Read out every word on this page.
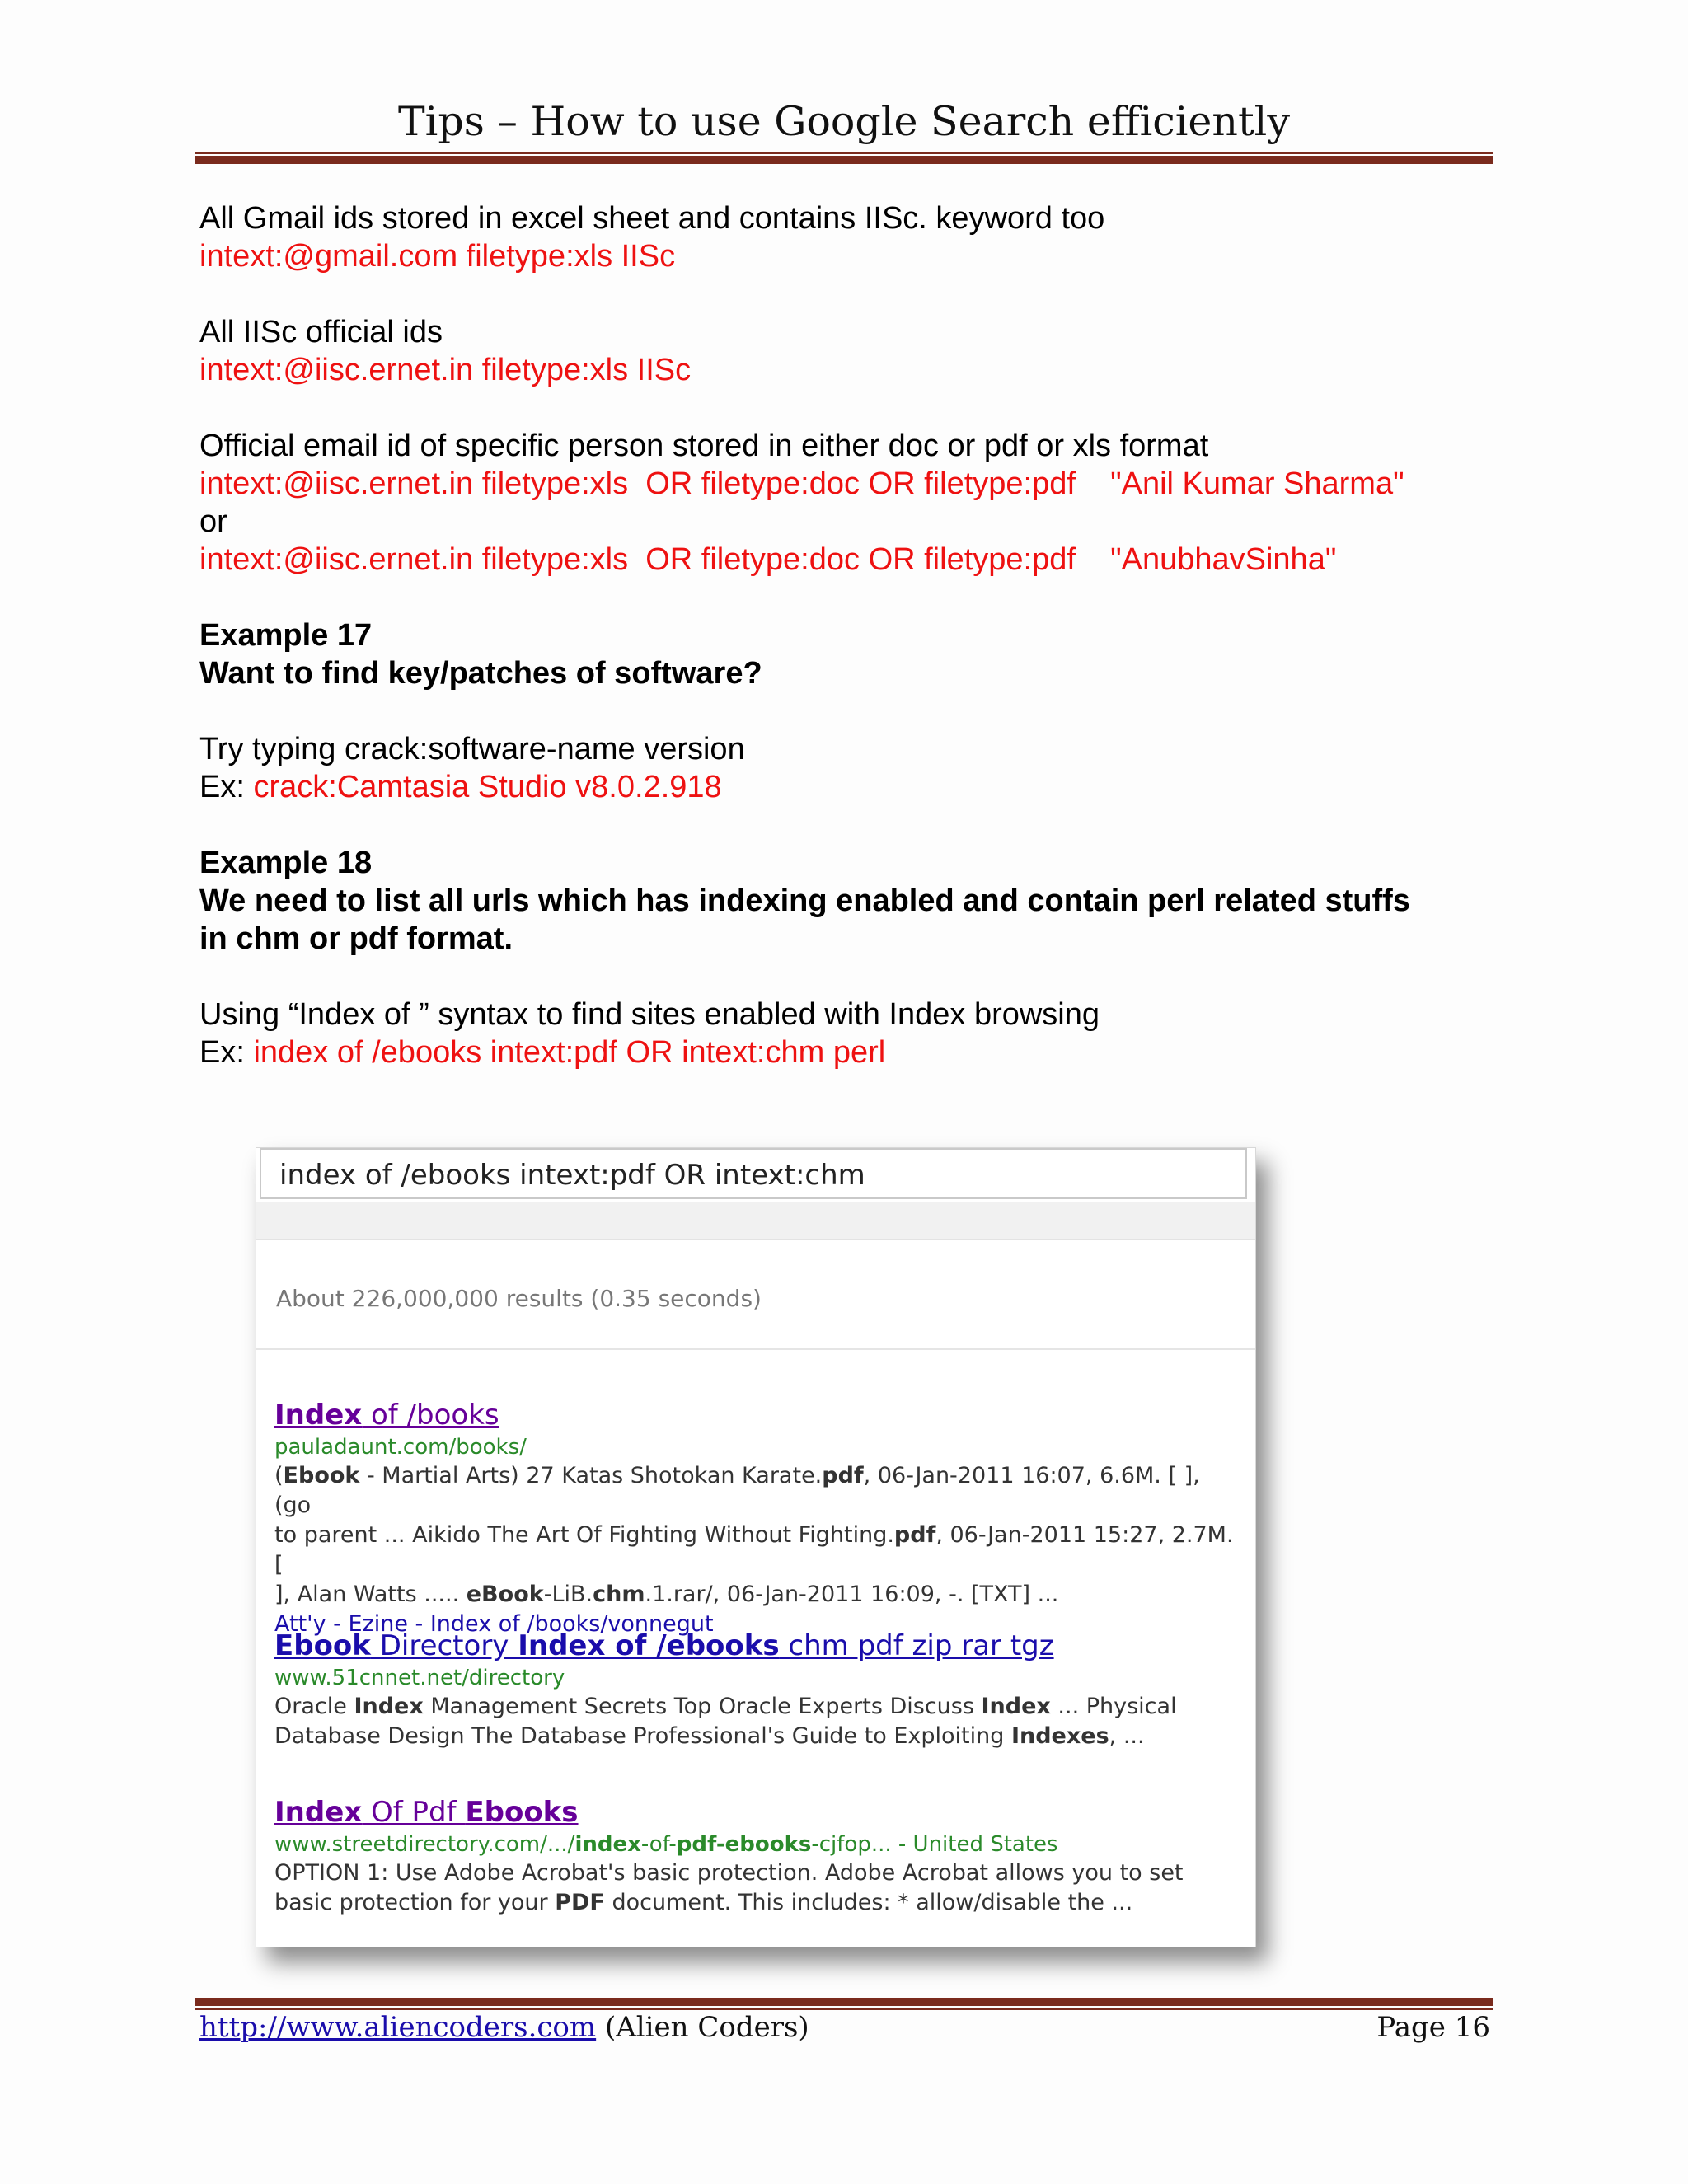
Tips – How to use Google Search efficiently
All Gmail ids stored in excel sheet and contains IISc. keyword too
intext:@gmail.com filetype:xls IISc
All IISc official ids
intext:@iisc.ernet.in filetype:xls IISc
Official email id of specific person stored in either doc or pdf or xls format
intext:@iisc.ernet.in filetype:xls  OR filetype:doc OR filetype:pdf    "Anil Kumar Sharma"
or
intext:@iisc.ernet.in filetype:xls  OR filetype:doc OR filetype:pdf    "AnubhavSinha"
Example 17
Want to find key/patches of software?
Try typing crack:software-name version
Ex: crack:Camtasia Studio v8.0.2.918
Example 18
We need to list all urls which has indexing enabled and contain perl related stuffs
in chm or pdf format.
Using “Index of ” syntax to find sites enabled with Index browsing
Ex: index of /ebooks intext:pdf OR intext:chm perl
index of /ebooks intext:pdf OR intext:chm
About 226,000,000 results (0.35 seconds)
Index of /books
pauladaunt.com/books/
(Ebook - Martial Arts) 27 Katas Shotokan Karate.pdf, 06-Jan-2011 16:07, 6.6M. [ ], (go
to parent ... Aikido The Art Of Fighting Without Fighting.pdf, 06-Jan-2011 15:27, 2.7M. [
], Alan Watts ..... eBook-LiB.chm.1.rar/, 06-Jan-2011 16:09, -. [TXT] ...
Att'y - Ezine - Index of /books/vonnegut
Ebook Directory Index of /ebooks chm pdf zip rar tgz
www.51cnnet.net/directory
Oracle Index Management Secrets Top Oracle Experts Discuss Index ... Physical
Database Design The Database Professional's Guide to Exploiting Indexes, ...
Index Of Pdf Ebooks
www.streetdirectory.com/.../index-of-pdf-ebooks-cjfop... - United States
OPTION 1: Use Adobe Acrobat's basic protection. Adobe Acrobat allows you to set
basic protection for your PDF document. This includes: * allow/disable the ...
http://www.aliencoders.com (Alien Coders)	Page 16
